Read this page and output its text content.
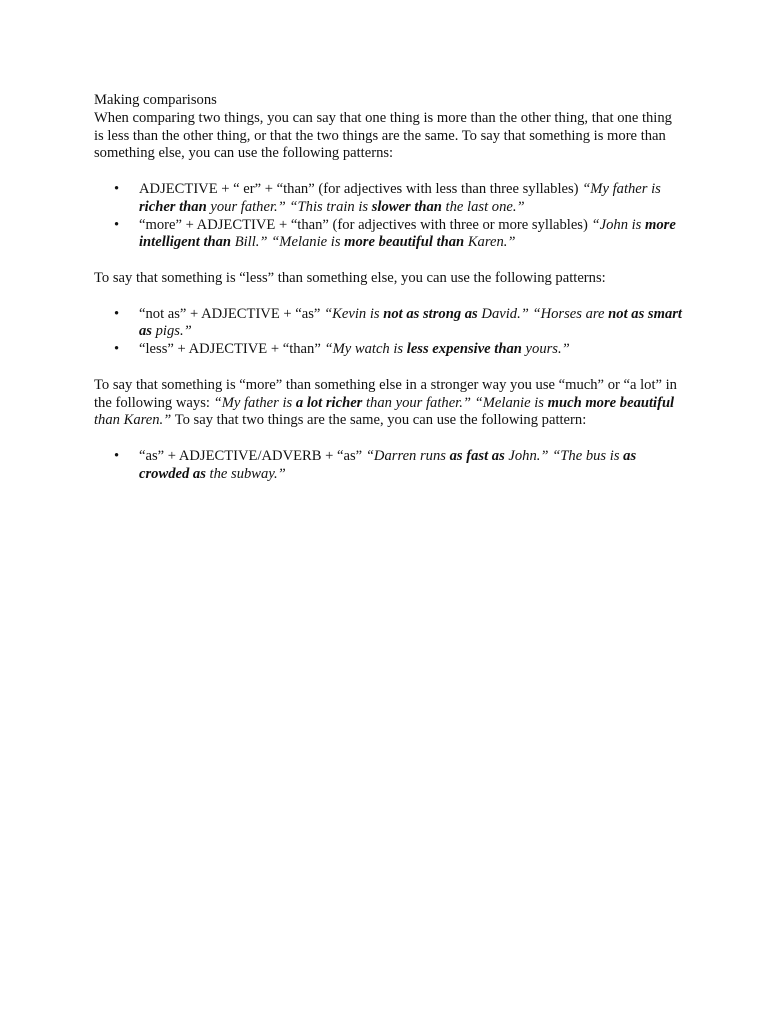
Making comparisons

When comparing two things, you can say that one thing is more than the other thing, that one thing is less than the other thing, or that the two things are the same. To say that something is more than something else, you can use the following patterns:

• ADJECTIVE + “ er” + “than” (for adjectives with less than three syllables) “My father is richer than your father.” “This train is slower than the last one.”
• “more” + ADJECTIVE + “than” (for adjectives with three or more syllables) “John is more intelligent than Bill.” “Melanie is more beautiful than Karen.”

To say that something is “less” than something else, you can use the following patterns:

• “not as” + ADJECTIVE + “as” “Kevin is not as strong as David.” “Horses are not as smart as pigs.”
• “less” + ADJECTIVE + “than” “My watch is less expensive than yours.”

To say that something is “more” than something else in a stronger way you use “much” or “a lot” in the following ways: “My father is a lot richer than your father.” “Melanie is much more beautiful than Karen.” To say that two things are the same, you can use the following pattern:

• “as” + ADJECTIVE/ADVERB + “as” “Darren runs as fast as John.” “The bus is as crowded as the subway.”
